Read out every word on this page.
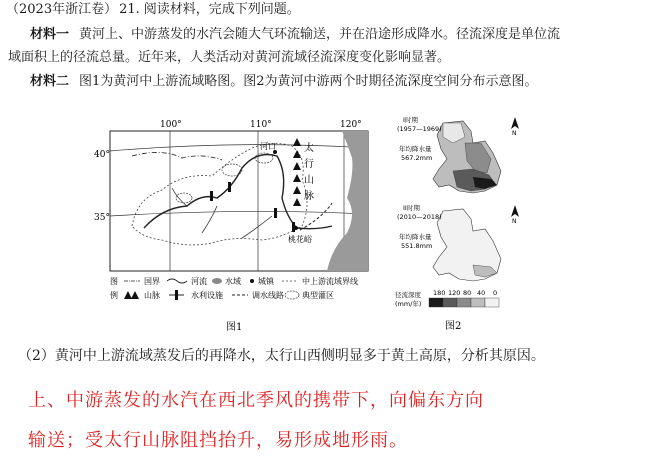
（2023年浙江卷） 21. 阅读材料，完成下列问题。
材料一 黄河上、中游蒸发的水汽会随大气环流输送，并在沿途形成降水。径流深度是单位流
域面积上的径流总量。近年来，人类活动对黄河流域径流深度变化影响显著。
材料二 图1为黄河中上游流域略图。图2为黄河中游两个时期径流深度空间分布示意图。
100°	110°	120°
40°
35°
太
行
山
脉
河口
桃花峪
图
例
国界	河流 水域 城镇	中上游流域界线
山脉	水利设施	调水线路 典型灌区
图1
I时期
(1957—1969)
年均降水量
567.2mm
N
II时期
(2010—2018)
年均降水量
551.8mm
N
径流深度
(mm/年)
180 120 80 40 0
图2
（2）黄河中上游流域蒸发后的再降水，太行山西侧明显多于黄土高原，分析其原因。
上、中游蒸发的水汽在西北季风的携带下，向偏东方向
输送；受太行山脉阻挡抬升，易形成地形雨。
